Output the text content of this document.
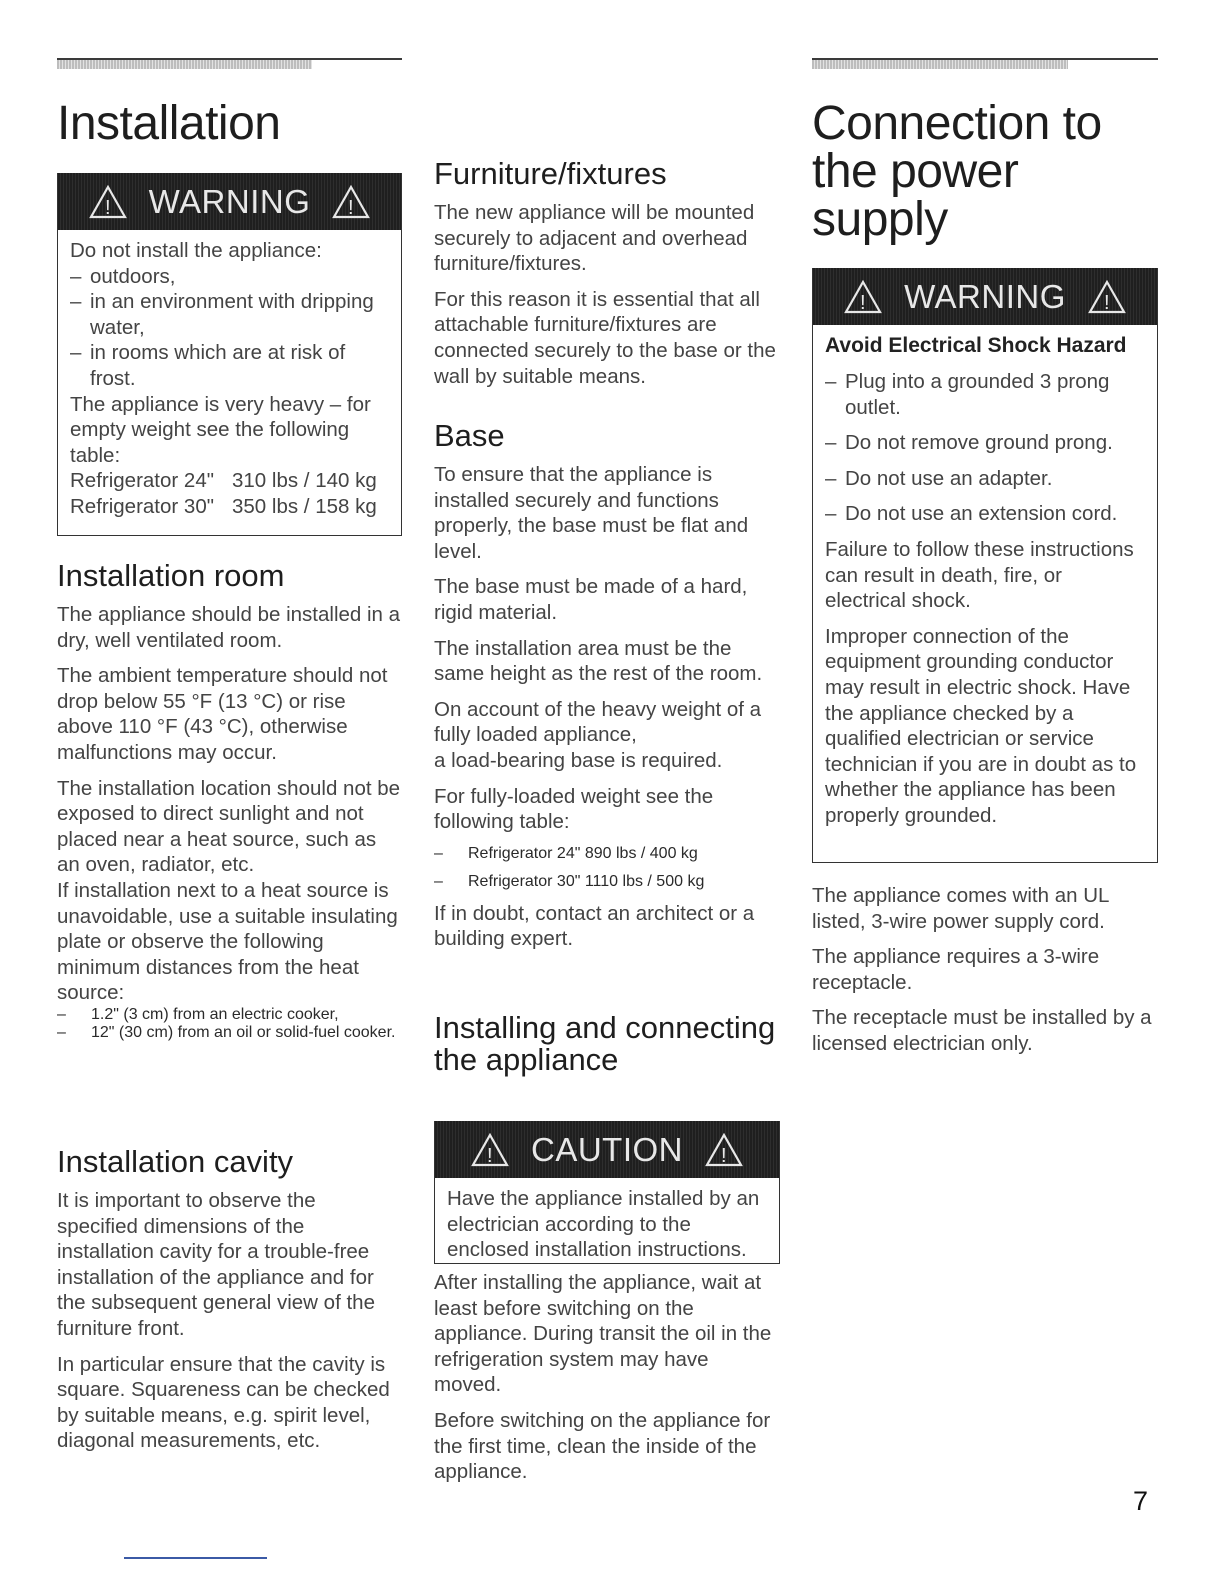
Installation
! WARNING !

Do not install the appliance:

– outdoors,
– in an environment with dripping water,
– in rooms which are at risk of frost.

The appliance is very heavy – for empty weight see the following table:

Refrigerator 24" 310 lbs / 140 kg

Refrigerator 30" 350 lbs / 158 kg

Installation room

The appliance should be installed in a dry, well ventilated room.

The ambient temperature should not drop below 55 °F (13 °C) or rise above 110 °F (43 °C), otherwise malfunctions may occur.

The installation location should not be exposed to direct sunlight and not placed near a heat source, such as an oven, radiator, etc.

If installation next to a heat source is unavoidable, use a suitable insulating plate or observe the following minimum distances from the heat source:

– 1.2" (3 cm) from an electric cooker,
– 12" (30 cm) from an oil or solid-fuel cooker.
Installation cavity

It is important to observe the specified dimensions of the installation cavity for a trouble-free installation of the appliance and for the subsequent general view of the furniture front.

In particular ensure that the cavity is square. Squareness can be checked by suitable means, e.g. spirit level, diagonal measurements, etc.

Furniture/fixtures

The new appliance will be mounted securely to adjacent and overhead furniture/fixtures.

For this reason it is essential that all attachable furniture/fixtures are connected securely to the base or the wall by suitable means.

Base

To ensure that the appliance is installed securely and functions properly, the base must be flat and level.

The base must be made of a hard, rigid material.

The installation area must be the same height as the rest of the room.

On account of the heavy weight of a fully loaded appliance,

a load-bearing base is required.

For fully-loaded weight see the following table:

– Refrigerator 24" 890 lbs / 400 kg
– Refrigerator 30" 1110 lbs / 500 kg

If in doubt, contact an architect or a building expert.

Installing and connecting the appliance
! CAUTION !

Have the appliance installed by an electrician according to the enclosed installation instructions.

After installing the appliance, wait at least before switching on the appliance. During transit the oil in the refrigeration system may have moved.

Before switching on the appliance for the first time, clean the inside of the appliance.

Connection to the power supply
! WARNING !

Avoid Electrical Shock Hazard

– Plug into a grounded 3 prong outlet.
– Do not remove ground prong.
– Do not use an adapter.
– Do not use an extension cord.

Failure to follow these instructions can result in death, fire, or electrical shock.

Improper connection of the equipment grounding conductor may result in electric shock. Have the appliance checked by a qualified electrician or service technician if you are in doubt as to whether the appliance has been properly grounded.

The appliance comes with an UL listed, 3-wire power supply cord.

The appliance requires a 3-wire receptacle.

The receptacle must be installed by a licensed electrician only.

7
